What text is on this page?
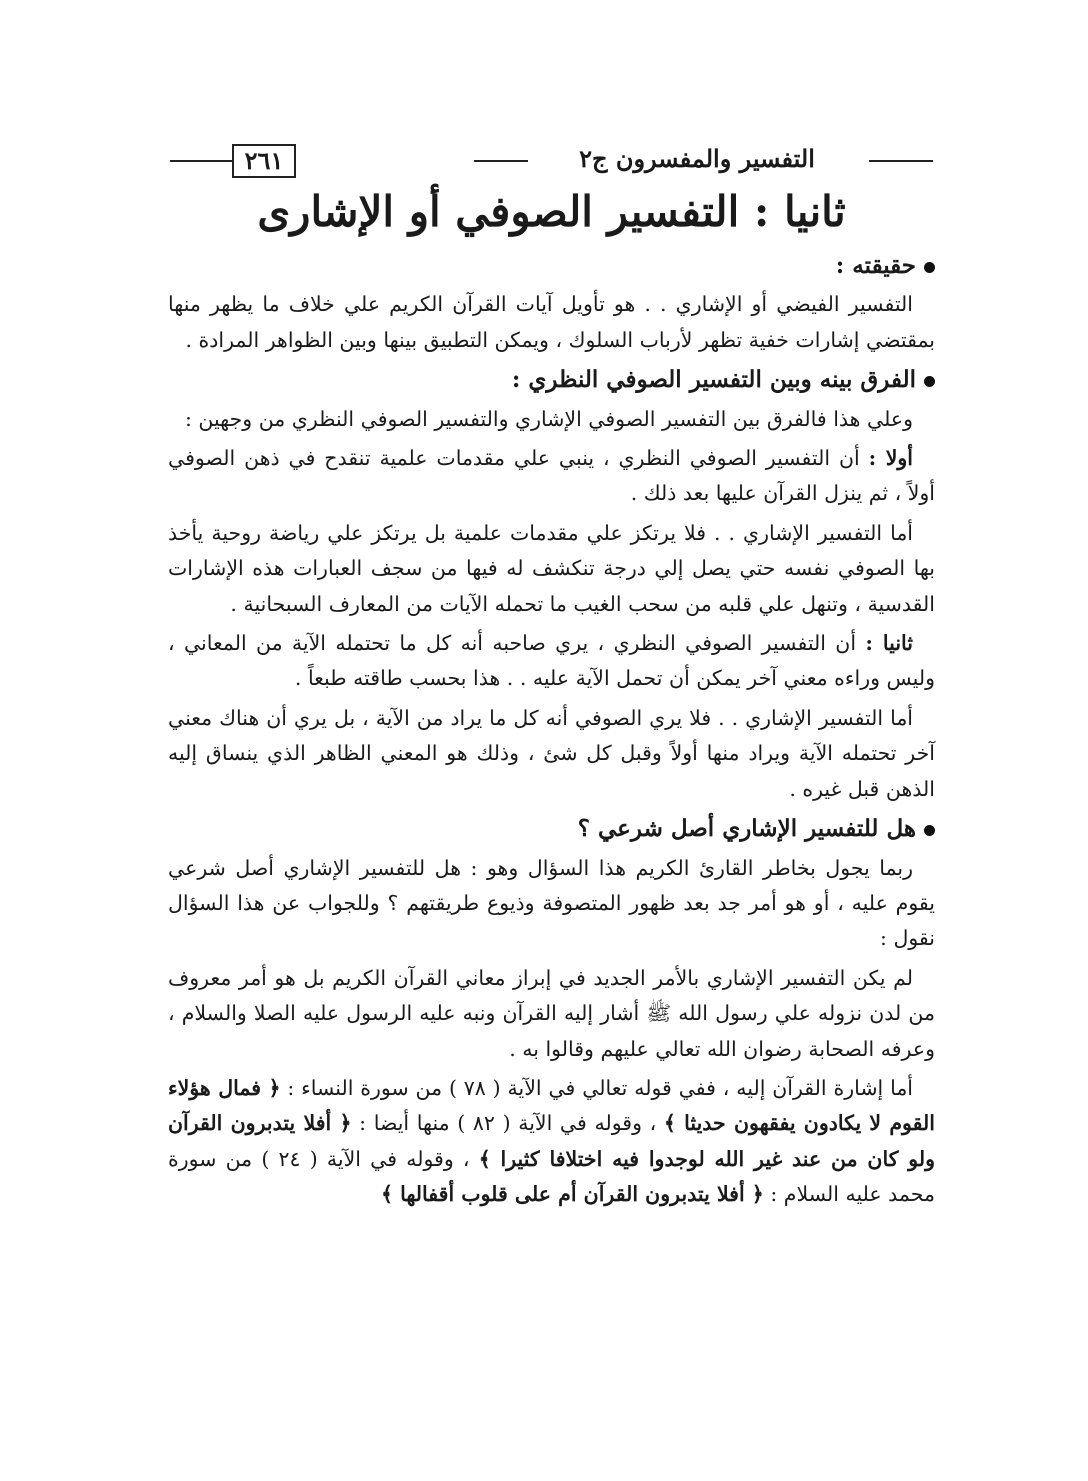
٢٦١	التفسير والمفسرون ج٢
ثانيا : التفسير الصوفي أو الإشارى

حقيقته :

التفسير الفيضي أو الإشاري . . هو تأويل آيات القرآن الكريم علي خلاف ما يظهر منها بمقتضي إشارات خفية تظهر لأرباب السلوك ، ويمكن التطبيق بينها وبين الظواهر المرادة .

الفرق بينه وبين التفسير الصوفي النظري :

وعلي هذا فالفرق بين التفسير الصوفي الإشاري والتفسير الصوفي النظري من وجهين :

أولا : أن التفسير الصوفي النظري ، ينبي علي مقدمات علمية تنقدح في ذهن الصوفي أولاً ، ثم ينزل القرآن عليها بعد ذلك .

أما التفسير الإشاري . . فلا يرتكز علي مقدمات علمية بل يرتكز علي رياضة روحية يأخذ بها الصوفي نفسه حتي يصل إلي درجة تنكشف له فيها من سجف العبارات هذه الإشارات القدسية ، وتنهل علي قلبه من سحب الغيب ما تحمله الآيات من المعارف السبحانية .

ثانيا : أن التفسير الصوفي النظري ، يري صاحبه أنه كل ما تحتمله الآية من المعاني ، وليس وراءه معني آخر يمكن أن تحمل الآية عليه . . هذا بحسب طاقته طبعاً .

أما التفسير الإشاري . . فلا يري الصوفي أنه كل ما يراد من الآية ، بل يري أن هناك معني آخر تحتمله الآية ويراد منها أولاً وقبل كل شئ ، وذلك هو المعني الظاهر الذي ينساق إليه الذهن قبل غيره .

هل للتفسير الإشاري أصل شرعي ؟

ربما يجول بخاطر القارئ الكريم هذا السؤال وهو : هل للتفسير الإشاري أصل شرعي يقوم عليه ، أو هو أمر جد بعد ظهور المتصوفة وذيوع طريقتهم ؟ وللجواب عن هذا السؤال نقول :

لم يكن التفسير الإشاري بالأمر الجديد في إبراز معاني القرآن الكريم بل هو أمر معروف من لدن نزوله علي رسول الله ﷺ أشار إليه القرآن ونبه عليه الرسول عليه الصلا والسلام ، وعرفه الصحابة رضوان الله تعالي عليهم وقالوا به .

أما إشارة القرآن إليه ، ففي قوله تعالي في الآية ( ٧٨ ) من سورة النساء : ﴿ فمال هؤلاء القوم لا يكادون يفقهون حديثا ﴾ ، وقوله في الآية ( ٨٢ ) منها أيضا : ﴿ أفلا يتدبرون القرآن ولو كان من عند غير الله لوجدوا فيه اختلافا كثيرا ﴾ ، وقوله في الآية ( ٢٤ ) من سورة محمد عليه السلام : ﴿ أفلا يتدبرون القرآن أم على قلوب أقفالها ﴾
